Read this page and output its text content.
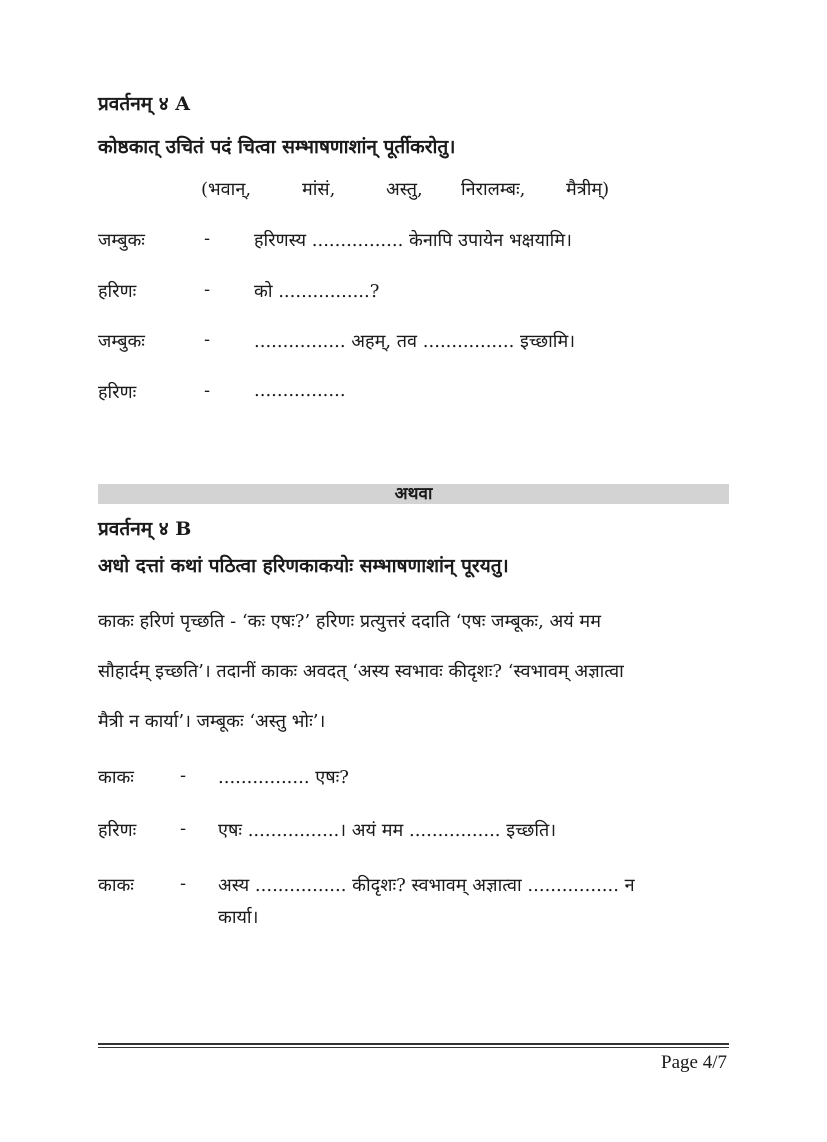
प्रवर्तनम् ४ A
कोष्ठकात् उचितं पदं चित्वा सम्भाषणाशांन् पूर्तीकरोतु।
(भवान्,	मांसं,	अस्तु, निरालम्बः, मैत्रीम्)
जम्बुकः	- हरिणस्य ................ केनापि उपायेन भक्षयामि।
हरिणः	- को ................?
जम्बुकः	- ................ अहम्, तव ................ इच्छामि।
हरिणः	- ................
अथवा
प्रवर्तनम् ४ B
अधो दत्तां कथां पठित्वा हरिणकाकयोः सम्भाषणाशांन् पूरयतु।
काकः हरिणं पृच्छति - ‘कः एषः?’ हरिणः प्रत्युत्तरं ददाति ‘एषः जम्बूकः, अयं मम
सौहार्दम् इच्छति’। तदानीं काकः अवदत् ‘अस्य स्वभावः कीदृशः? ‘स्वभावम् अज्ञात्वा
मैत्री न कार्या’। जम्बूकः ‘अस्तु भोः’।
काकः	- ................ एषः?
हरिणः - एषः ................। अयं मम ................ इच्छति।
काकः	- अस्य ................ कीदृशः? स्वभावम् अज्ञात्वा ................ न
कार्या।
Page 4/7
